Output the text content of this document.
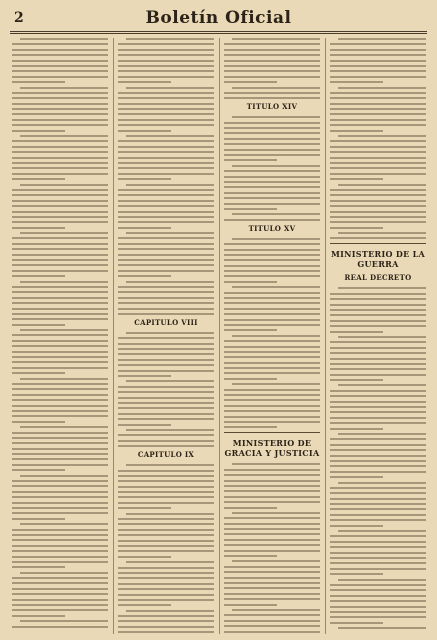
2	Boletín Oficial
CAPITULO VIII
CAPITULO IX
TITULO XIV
TITULO XV
MINISTERIO DE GRACIA Y JUSTICIA
MINISTERIO DE LA GUERRA
REAL DECRETO
